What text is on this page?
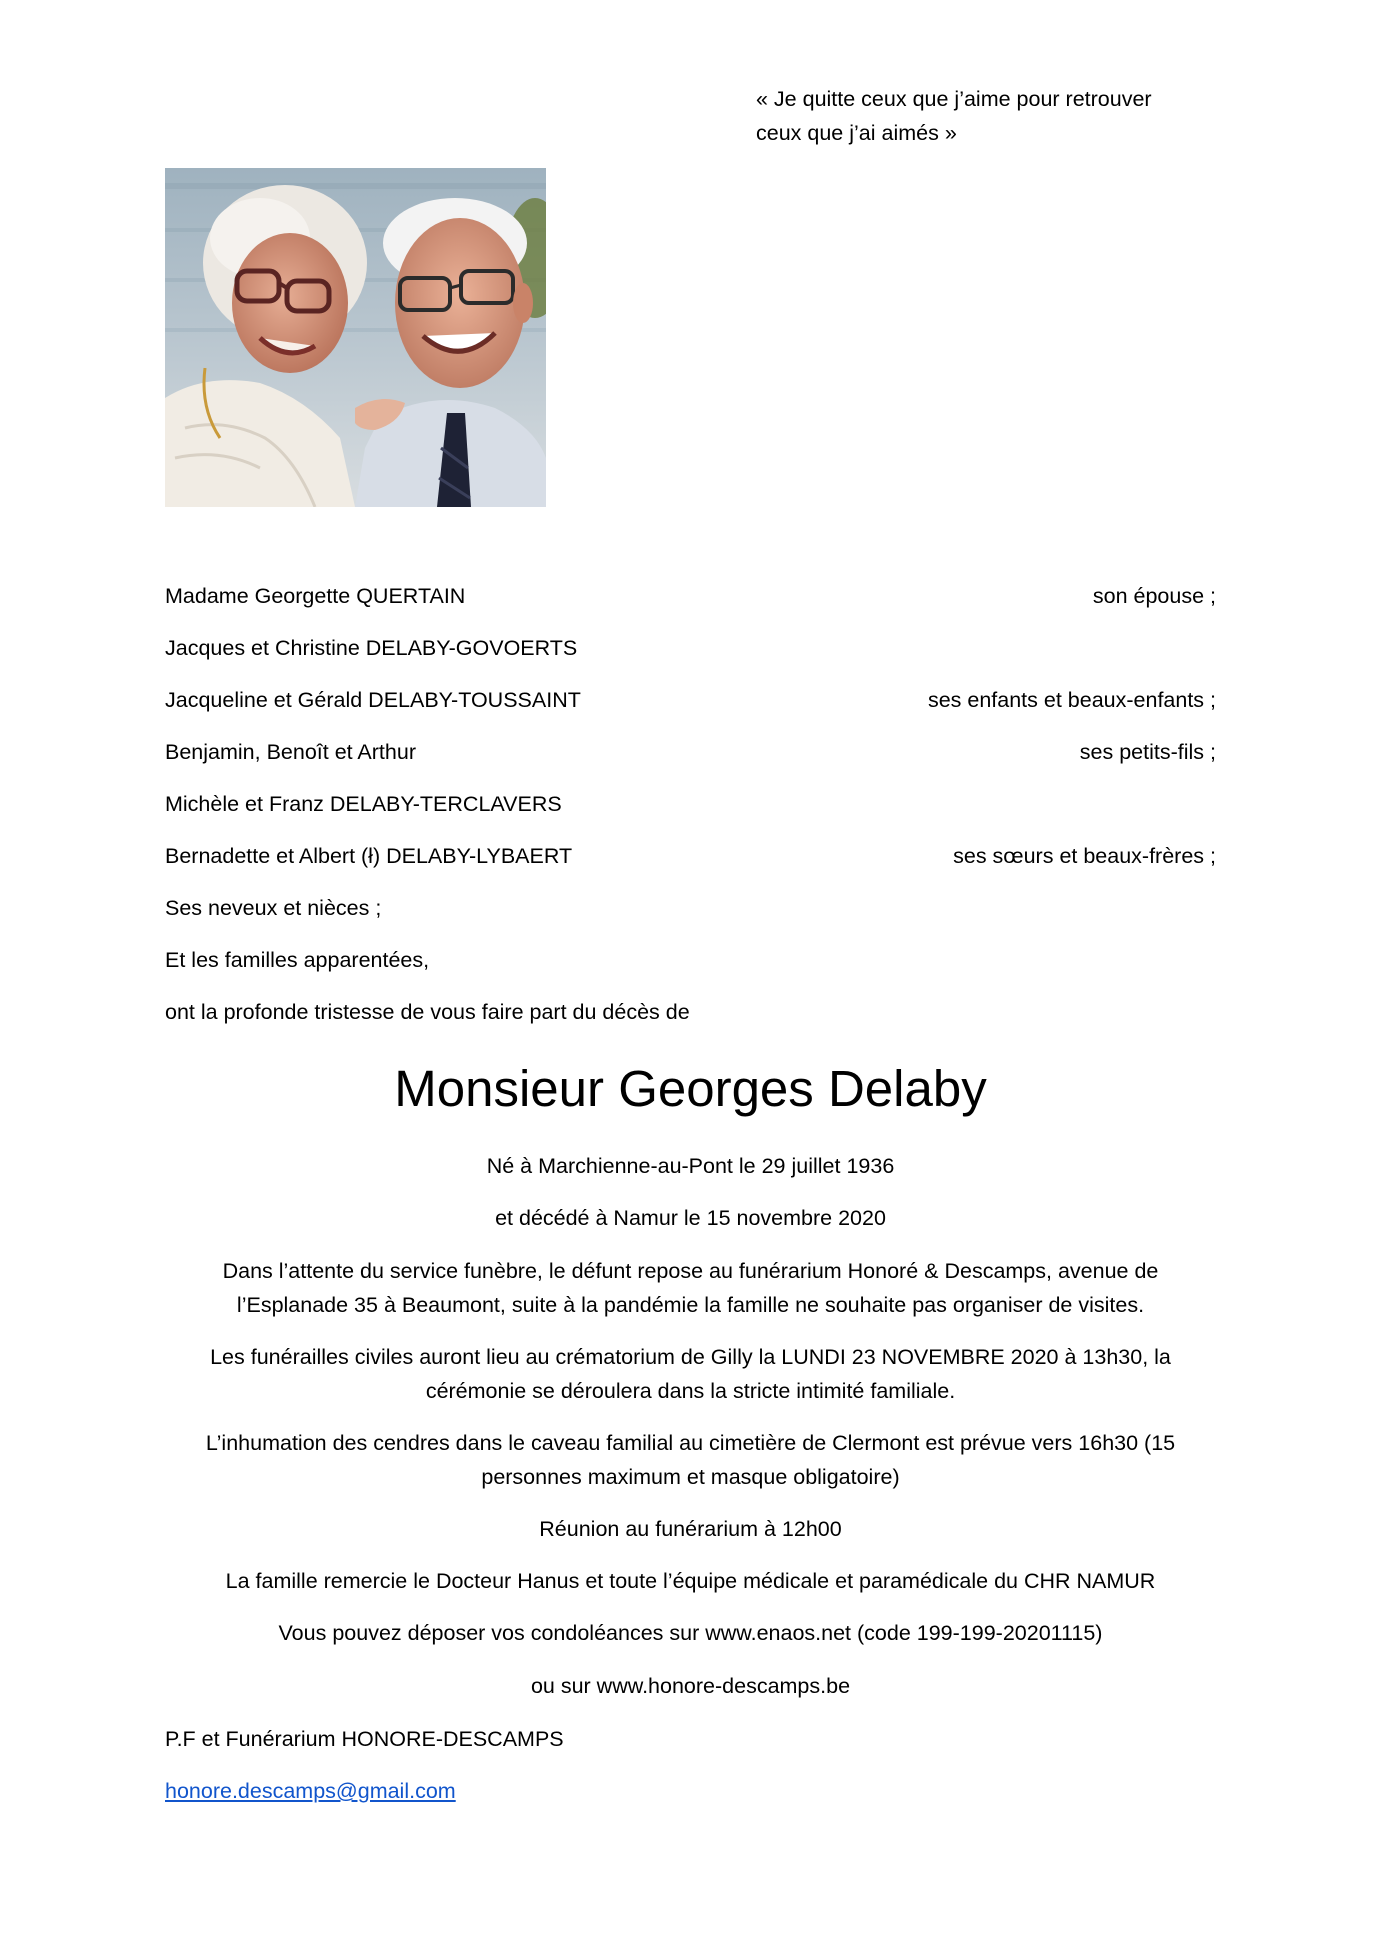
« Je quitte ceux que j’aime pour retrouver
ceux que j’ai aimés »
Madame Georgette QUERTAIN	son épouse ;
Jacques et Christine DELABY-GOVOERTS
Jacqueline et Gérald DELABY-TOUSSAINT	ses enfants et beaux-enfants ;
Benjamin, Benoît et Arthur	ses petits-fils ;
Michèle et Franz DELABY-TERCLAVERS
Bernadette et Albert (ł) DELABY-LYBAERT	ses sœurs et beaux-frères ;
Ses neveux et nièces ;
Et les familles apparentées,
ont la profonde tristesse de vous faire part du décès de
Monsieur Georges Delaby
Né à Marchienne-au-Pont le 29 juillet 1936
et décédé à Namur le 15 novembre 2020
Dans l’attente du service funèbre, le défunt repose au funérarium Honoré & Descamps, avenue de
l’Esplanade 35 à Beaumont, suite à la pandémie la famille ne souhaite pas organiser de visites.
Les funérailles civiles auront lieu au crématorium de Gilly la LUNDI 23 NOVEMBRE 2020 à 13h30, la
cérémonie se déroulera dans la stricte intimité familiale.
L’inhumation des cendres dans le caveau familial au cimetière de Clermont est prévue vers 16h30 (15
personnes maximum et masque obligatoire)
Réunion au funérarium à 12h00
La famille remercie le Docteur Hanus et toute l’équipe médicale et paramédicale du CHR NAMUR
Vous pouvez déposer vos condoléances sur www.enaos.net (code 199-199-20201115)
ou sur www.honore-descamps.be
P.F et Funérarium HONORE-DESCAMPS
honore.descamps@gmail.com
